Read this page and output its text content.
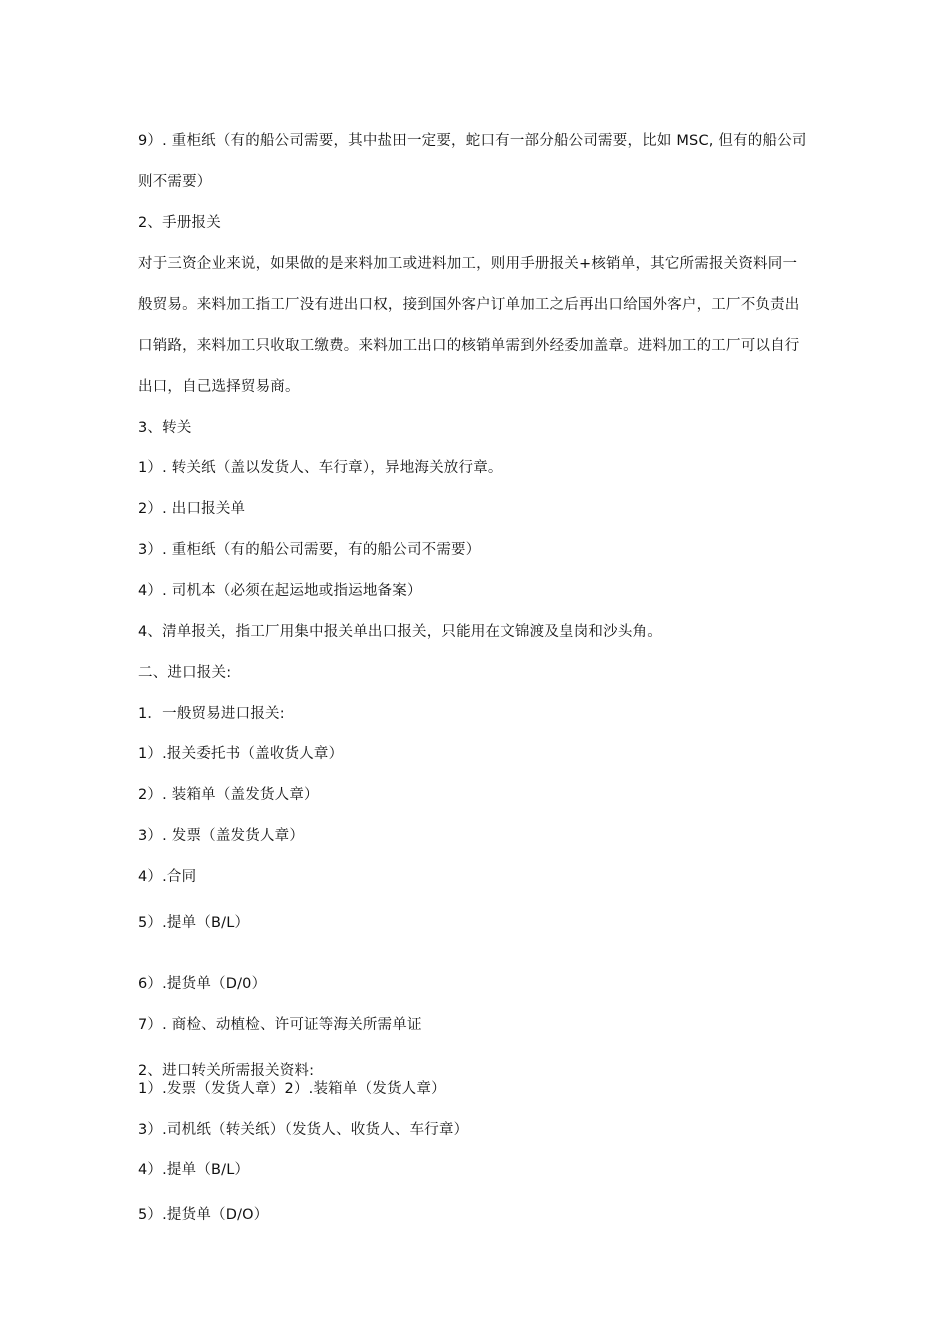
9）. 重柜纸（有的船公司需要，其中盐田一定要，蛇口有一部分船公司需要，比如 MSC, 但有的船公司
则不需要）
2、手册报关
对于三资企业来说，如果做的是来料加工或进料加工，则用手册报关+核销单，其它所需报关资料同一
般贸易。来料加工指工厂没有进出口权，接到国外客户订单加工之后再出口给国外客户，工厂不负责出
口销路，来料加工只收取工缴费。来料加工出口的核销单需到外经委加盖章。进料加工的工厂可以自行
出口，自己选择贸易商。
3、转关
1）. 转关纸（盖以发货人、车行章），异地海关放行章。
2）. 出口报关单
3）. 重柜纸（有的船公司需要，有的船公司不需要）
4）. 司机本（必须在起运地或指运地备案）
4、清单报关，指工厂用集中报关单出口报关，只能用在文锦渡及皇岗和沙头角。
二、进口报关:
1．一般贸易进口报关:
1）.报关委托书（盖收货人章）
2）. 装箱单（盖发货人章）
3）. 发票（盖发货人章）
4）.合同
5）.提单（B/L）
6）.提货单（D/0）
7）. 商检、动植检、许可证等海关所需单证
2、进口转关所需报关资料:
1）.发票（发货人章）2）.装箱单（发货人章）
3）.司机纸（转关纸）（发货人、收货人、车行章）
4）.提单（B/L）
5）.提货单（D/O）
